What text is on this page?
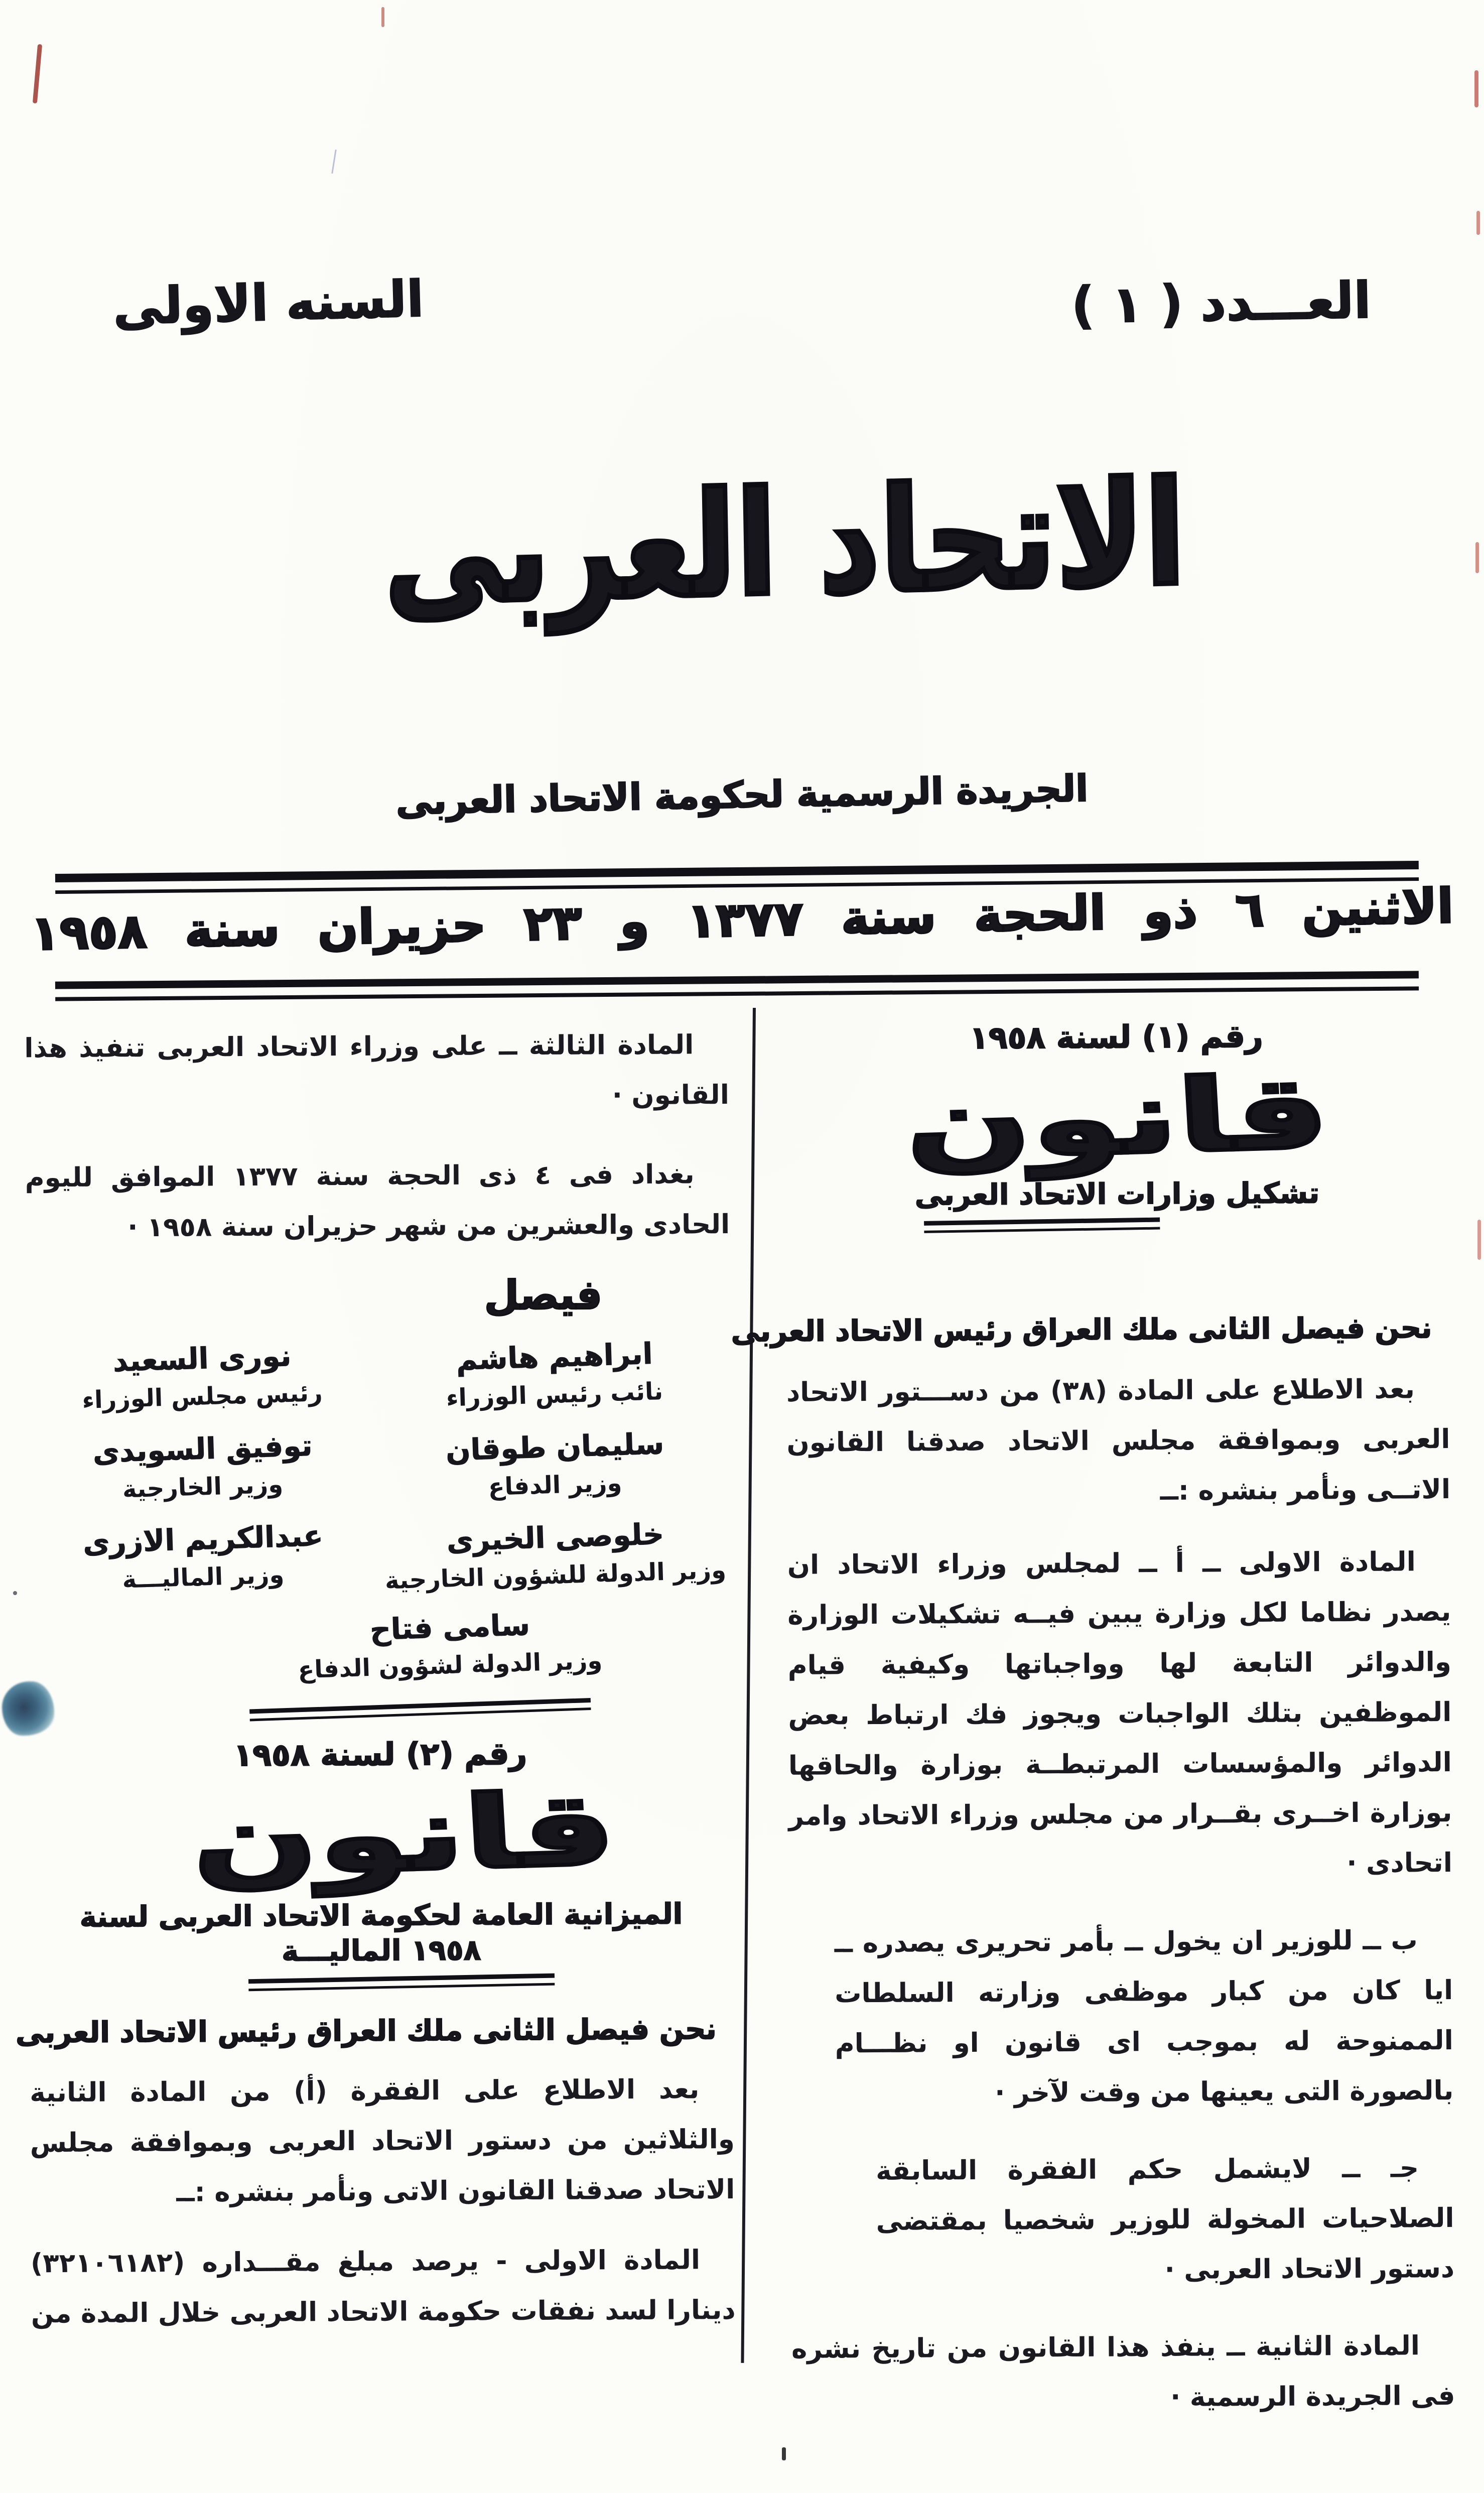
العـــدد ( ١ )
السنه الاولى
الاتحاد العربى
الجريدة الرسمية لحكومة الاتحاد العربى
الاثنين ٦ ذو الحجة سنة ١٣٧٧ و ٢٣ حزيران سنة ١٩٥٨
رقم (١) لسنة ١٩٥٨
قانون
تشكيل وزارات الاتحاد العربى

نحن فيصل الثانى ملك العراق رئيس الاتحاد العربى

بعد الاطلاع على المادة (٣٨) من دســـتور الاتحاد العربى وبموافقة مجلس الاتحاد صدقنا القانون الاتــى ونأمر بنشره :ــ

المادة الاولى ــ أ ــ لمجلس وزراء الاتحاد ان يصدر نظاما لكل وزارة يبين فيــه تشكيلات الوزارة والدوائر التابعة لها وواجباتها وكيفية قيام الموظفين بتلك الواجبات ويجوز فك ارتباط بعض الدوائر والمؤسسات المرتبطــة بوزارة والحاقها بوزارة اخــرى بقــرار من مجلس وزراء الاتحاد وامر اتحادى ·

ب ــ للوزير ان يخول ــ بأمر تحريرى يصدره ــ ايا كان من كبار موظفى وزارته السلطات الممنوحة له بموجب اى قانون او نظـــام بالصورة التى يعينها من وقت لآخر ·

جـ ــ لايشمل حكم الفقرة السابقة الصلاحيات المخولة للوزير شخصيا بمقتضى دستور الاتحاد العربى ·

المادة الثانية ــ ينفذ هذا القانون من تاريخ نشره فى الجريدة الرسمية ·

المادة الثالثة ــ على وزراء الاتحاد العربى تنفيذ هذا القانون ·

بغداد فى ٤ ذى الحجة سنة ١٣٧٧ الموافق لليوم الحادى والعشرين من شهر حزيران سنة ١٩٥٨ ·

فيصل
ابراهيم هاشم
نائب رئيس الوزراء
نورى السعيد
رئيس مجلس الوزراء
سليمان طوقان
وزير الدفاع
توفيق السويدى
وزير الخارجية
خلوصى الخيرى
وزير الدولة للشؤون الخارجية
عبدالكريم الازرى
وزير الماليـــة
سامى فتاح
وزير الدولة لشؤون الدفاع
رقم (٢) لسنة ١٩٥٨
قانون
الميزانية العامة لحكومة الاتحاد العربى لسنة
١٩٥٨ الماليـــة

نحن فيصل الثانى ملك العراق رئيس الاتحاد العربى

بعد الاطلاع على الفقرة (أ) من المادة الثانية والثلاثين من دستور الاتحاد العربى وبموافقة مجلس الاتحاد صدقنا القانون الاتى ونأمر بنشره :ــ

المادة الاولى - يرصد مبلغ مقـــداره (٣٢١٠٦١٨٢) دينارا لسد نفقات حكومة الاتحاد العربى خلال المدة من
